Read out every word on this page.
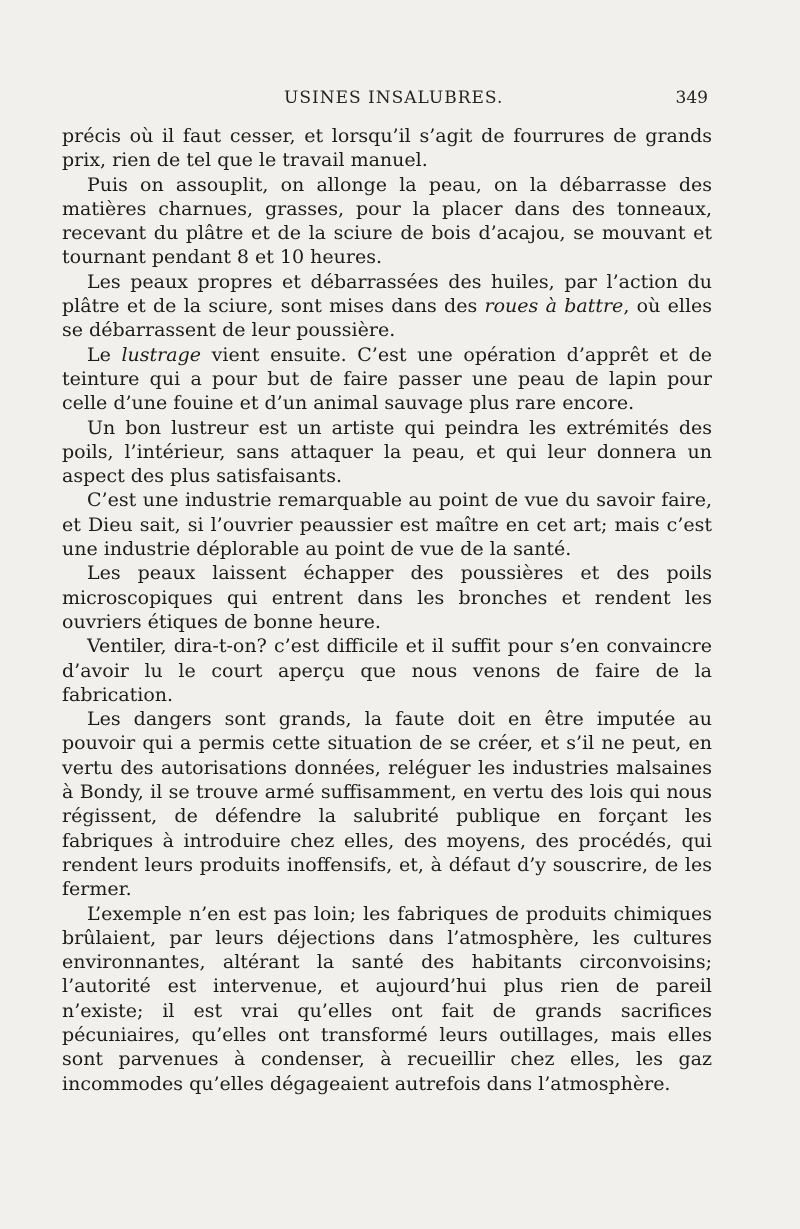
USINES INSALUBRES.	349

précis où il faut cesser, et lorsqu’il s’agit de fourrures de grands prix, rien de tel que le travail manuel.

Puis on assouplit, on allonge la peau, on la débarrasse des matières charnues, grasses, pour la placer dans des tonneaux, recevant du plâtre et de la sciure de bois d’acajou, se mouvant et tournant pendant 8 et 10 heures.

Les peaux propres et débarrassées des huiles, par l’action du plâtre et de la sciure, sont mises dans des roues à battre, où elles se débarrassent de leur poussière.

Le lustrage vient ensuite. C’est une opération d’apprêt et de teinture qui a pour but de faire passer une peau de lapin pour celle d’une fouine et d’un animal sauvage plus rare encore.

Un bon lustreur est un artiste qui peindra les extrémités des poils, l’intérieur, sans attaquer la peau, et qui leur donnera un aspect des plus satisfaisants.

C’est une industrie remarquable au point de vue du savoir faire, et Dieu sait, si l’ouvrier peaussier est maître en cet art; mais c’est une industrie déplorable au point de vue de la santé.

Les peaux laissent échapper des poussières et des poils microscopiques qui entrent dans les bronches et rendent les ouvriers étiques de bonne heure.

Ventiler, dira-t-on? c’est difficile et il suffit pour s’en convaincre d’avoir lu le court aperçu que nous venons de faire de la fabrication.

Les dangers sont grands, la faute doit en être imputée au pouvoir qui a permis cette situation de se créer, et s’il ne peut, en vertu des autorisations données, reléguer les industries malsaines à Bondy, il se trouve armé suffisamment, en vertu des lois qui nous régissent, de défendre la salubrité publique en forçant les fabriques à introduire chez elles, des moyens, des procédés, qui rendent leurs produits inoffensifs, et, à défaut d’y souscrire, de les fermer.

L’exemple n’en est pas loin; les fabriques de produits chimiques brûlaient, par leurs déjections dans l’atmosphère, les cultures environnantes, altérant la santé des habitants circonvoisins; l’autorité est intervenue, et aujourd’hui plus rien de pareil n’existe; il est vrai qu’elles ont fait de grands sacrifices pécuniaires, qu’elles ont transformé leurs outillages, mais elles sont parvenues à condenser, à recueillir chez elles, les gaz incommodes qu’elles dégageaient autrefois dans l’atmosphère.
